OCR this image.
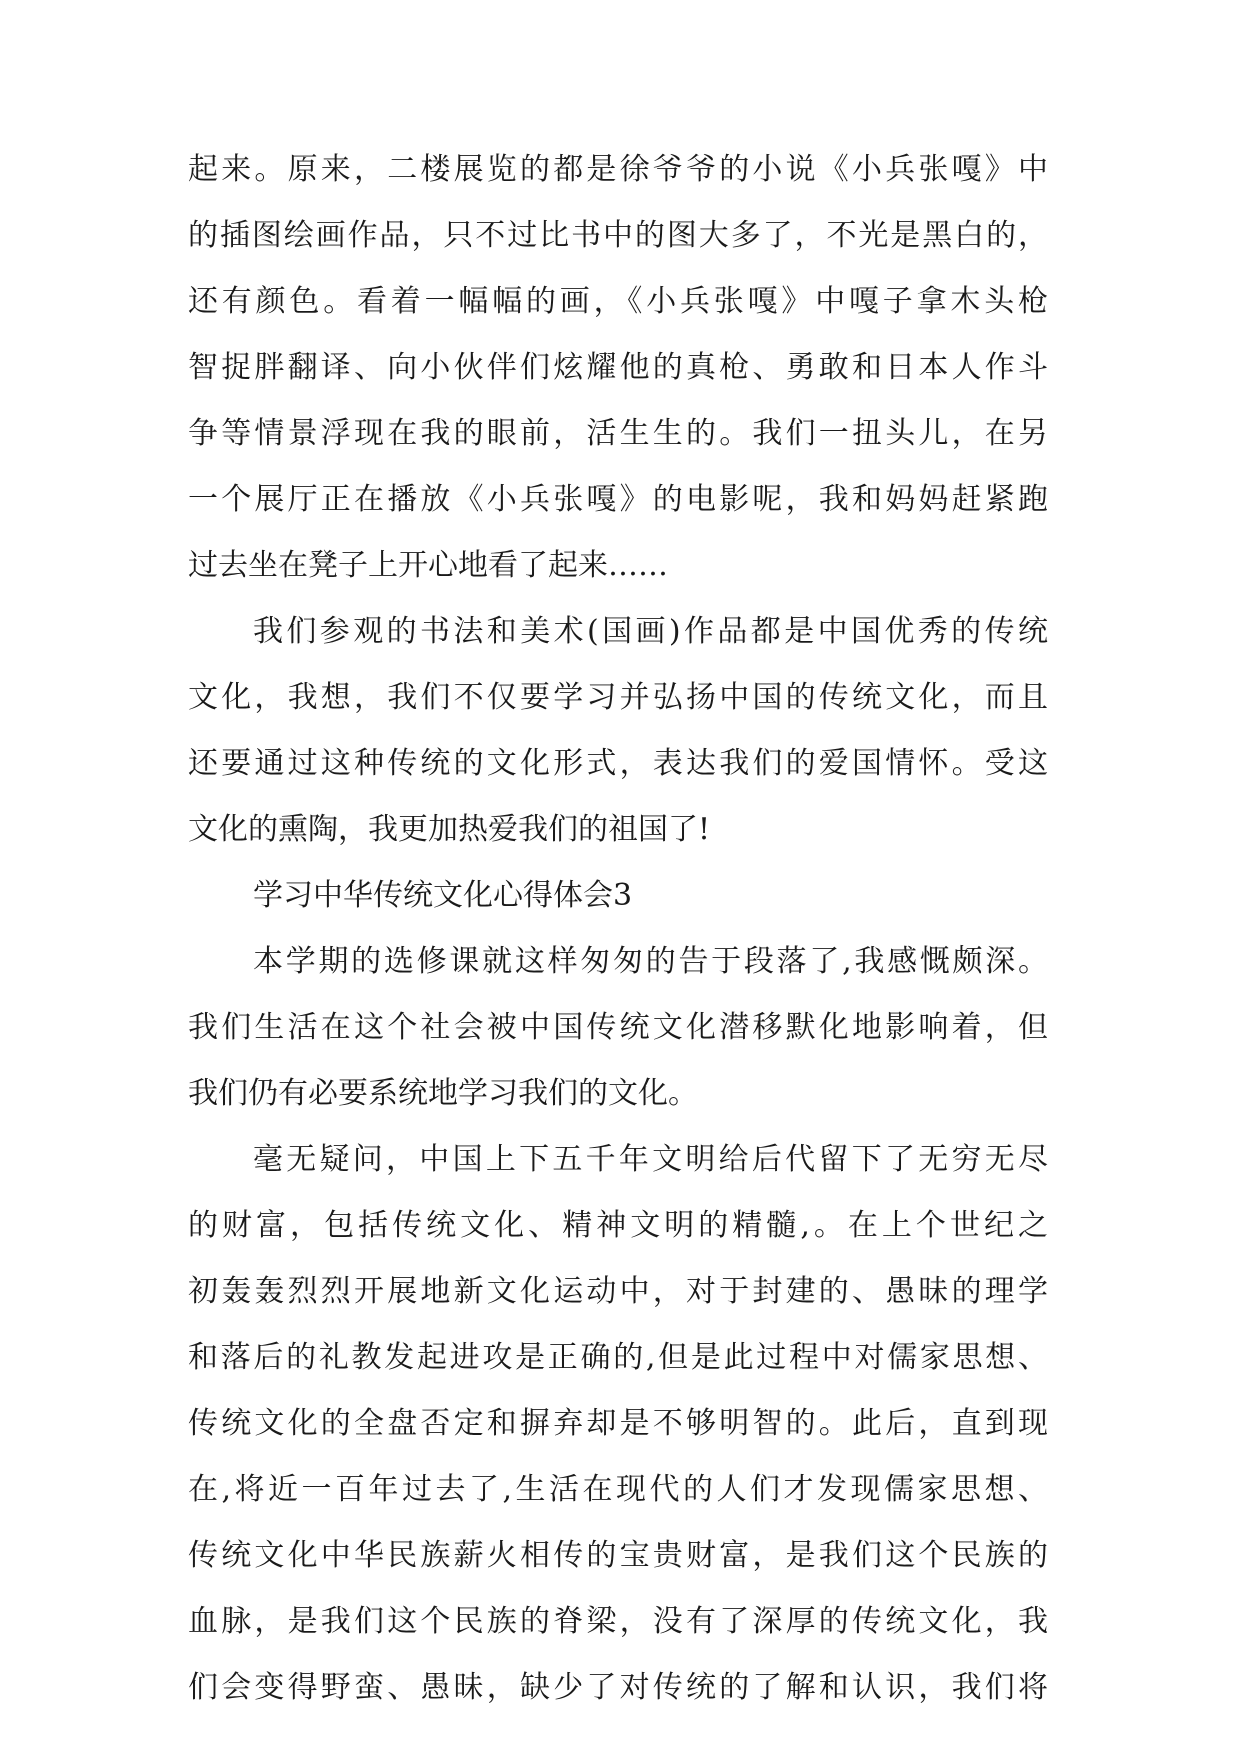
起来。原来，二楼展览的都是徐爷爷的小说《小兵张嘎》中
的插图绘画作品，只不过比书中的图大多了，不光是黑白的，
还有颜色。看着一幅幅的画，《小兵张嘎》中嘎子拿木头枪
智捉胖翻译、向小伙伴们炫耀他的真枪、勇敢和日本人作斗
争等情景浮现在我的眼前，活生生的。我们一扭头儿，在另
一个展厅正在播放《小兵张嘎》的电影呢，我和妈妈赶紧跑
过去坐在凳子上开心地看了起来……
我们参观的书法和美术(国画)作品都是中国优秀的传统
文化，我想，我们不仅要学习并弘扬中国的传统文化，而且
还要通过这种传统的文化形式，表达我们的爱国情怀。受这
文化的熏陶，我更加热爱我们的祖国了!
学习中华传统文化心得体会3
本学期的选修课就这样匆匆的告于段落了,我感慨颇深。
我们生活在这个社会被中国传统文化潜移默化地影响着，但
我们仍有必要系统地学习我们的文化。
毫无疑问，中国上下五千年文明给后代留下了无穷无尽
的财富，包括传统文化、精神文明的精髓,。在上个世纪之
初轰轰烈烈开展地新文化运动中，对于封建的、愚昧的理学
和落后的礼教发起进攻是正确的,但是此过程中对儒家思想、
传统文化的全盘否定和摒弃却是不够明智的。此后，直到现
在,将近一百年过去了,生活在现代的人们才发现儒家思想、
传统文化中华民族薪火相传的宝贵财富，是我们这个民族的
血脉，是我们这个民族的脊梁，没有了深厚的传统文化，我
们会变得野蛮、愚昧，缺少了对传统的了解和认识，我们将
